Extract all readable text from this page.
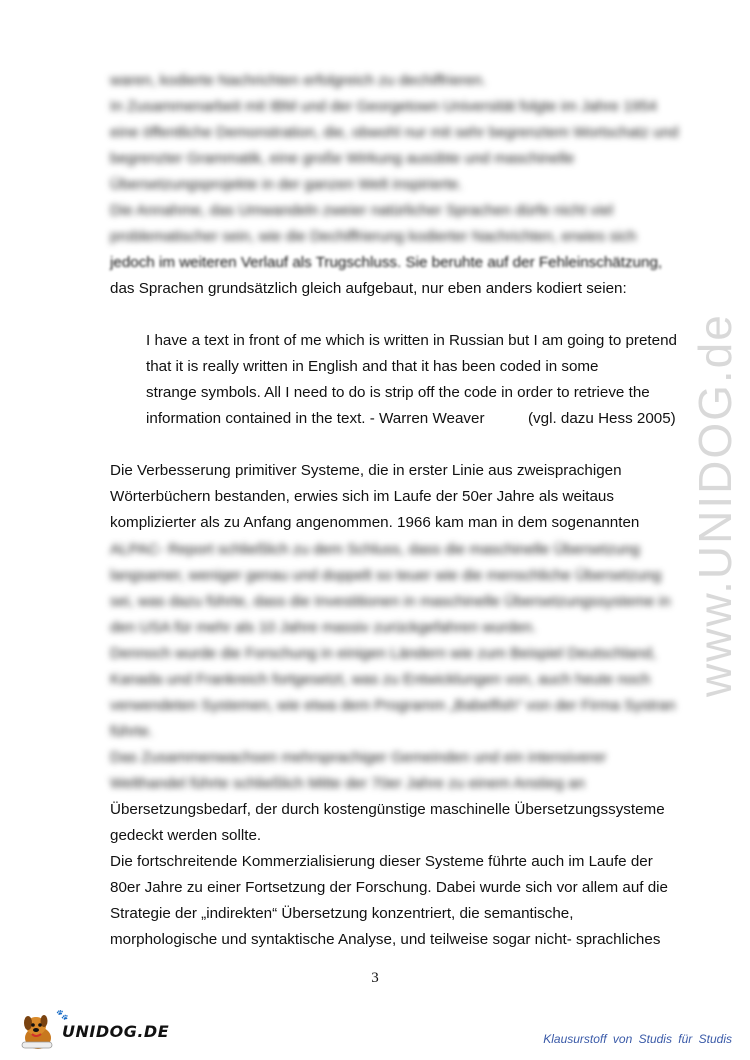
www.UNIDOG.de
waren, kodierte Nachrichten erfolgreich zu dechiffrieren.
In Zusammenarbeit mit IBM und der Georgetown Universität folgte im Jahre 1954
eine öffentliche Demonstration, die, obwohl nur mit sehr begrenztem Wortschatz und
begrenzter Grammatik, eine große Wirkung ausübte und maschinelle
Übersetzungsprojekte in der ganzen Welt inspirierte.
Die Annahme, das Umwandeln zweier natürlicher Sprachen dürfe nicht viel
problematischer sein, wie die Dechiffrierung kodierter Nachrichten, erwies sich
jedoch im weiteren Verlauf als Trugschluss. Sie beruhte auf der Fehleinschätzung,
das Sprachen grundsätzlich gleich aufgebaut, nur eben anders kodiert seien:
I have a text in front of me which is written in Russian but I am going to pretend
that it is really written in English and that it has been coded in some
strange symbols. All I need to do is strip off the code in order to retrieve the
information contained in the text. - Warren Weaver	(vgl. dazu Hess 2005)
Die Verbesserung primitiver Systeme, die in erster Linie aus zweisprachigen
Wörterbüchern bestanden, erwies sich im Laufe der 50er Jahre als weitaus
komplizierter als zu Anfang angenommen. 1966 kam man in dem sogenannten
ALPAC- Report schließlich zu dem Schluss, dass die maschinelle Übersetzung
langsamer, weniger genau und doppelt so teuer wie die menschliche Übersetzung
sei, was dazu führte, dass die Investitionen in maschinelle Übersetzungssysteme in
den USA für mehr als 10 Jahre massiv zurückgefahren wurden.
Dennoch wurde die Forschung in einigen Ländern wie zum Beispiel Deutschland,
Kanada und Frankreich fortgesetzt, was zu Entwicklungen von, auch heute noch
verwendeten Systemen, wie etwa dem Programm „Babelfish“ von der Firma Systran
führte.
Das Zusammenwachsen mehrsprachiger Gemeinden und ein intensiverer
Welthandel führte schließlich Mitte der 70er Jahre zu einem Anstieg an
Übersetzungsbedarf, der durch kostengünstige maschinelle Übersetzungssysteme
gedeckt werden sollte.
Die fortschreitende Kommerzialisierung dieser Systeme führte auch im Laufe der
80er Jahre zu einer Fortsetzung der Forschung. Dabei wurde sich vor allem auf die
Strategie der „indirekten“ Übersetzung konzentriert, die semantische,
morphologische und syntaktische Analyse, und teilweise sogar nicht- sprachliches
3
🐾
UNIDOG.DE	Klausurstoff von Studis für Studis
